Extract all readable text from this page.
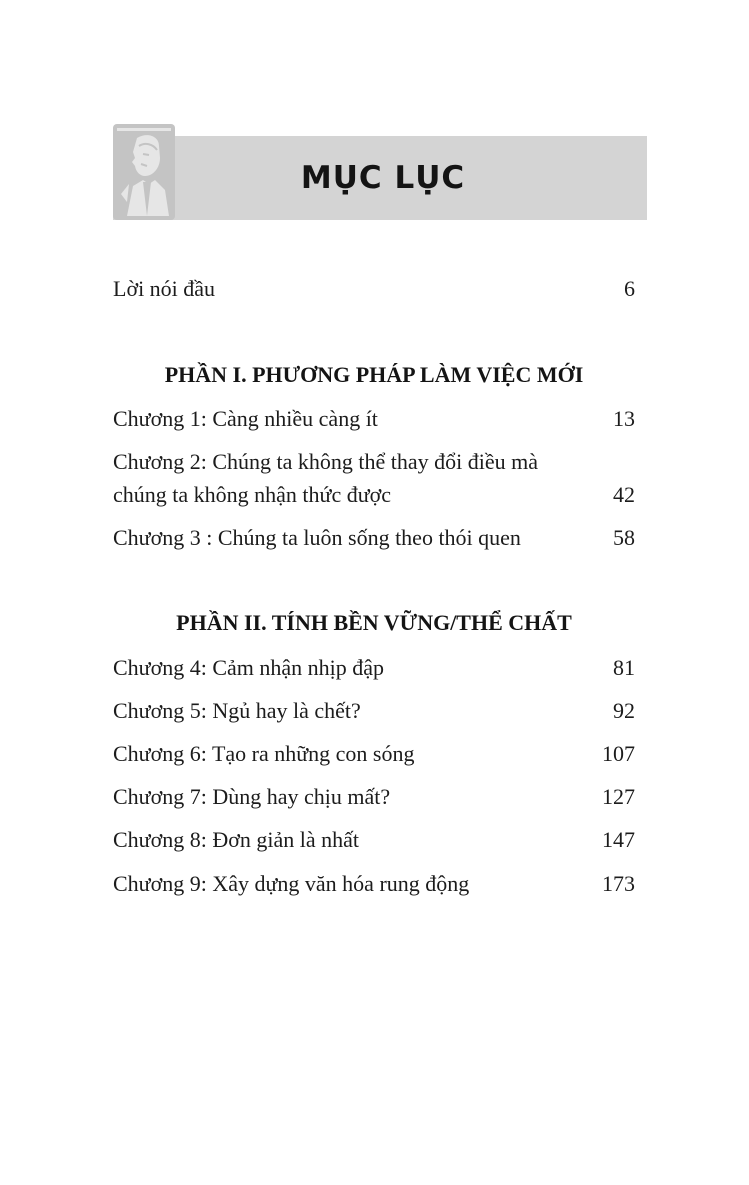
MỤC LỤC
Lời nói đầu	6
PHẦN I. PHƯƠNG PHÁP LÀM VIỆC MỚI
Chương 1: Càng nhiều càng ít	13
Chương 2: Chúng ta không thể thay đổi điều mà
chúng ta không nhận thức được	42
Chương 3 : Chúng ta luôn sống theo thói quen	58
PHẦN II. TÍNH BỀN VỮNG/THỂ CHẤT
Chương 4: Cảm nhận nhịp đập	81
Chương 5: Ngủ hay là chết?	92
Chương 6: Tạo ra những con sóng	107
Chương 7: Dùng hay chịu mất?	127
Chương 8: Đơn giản là nhất	147
Chương 9: Xây dựng văn hóa rung động	173
